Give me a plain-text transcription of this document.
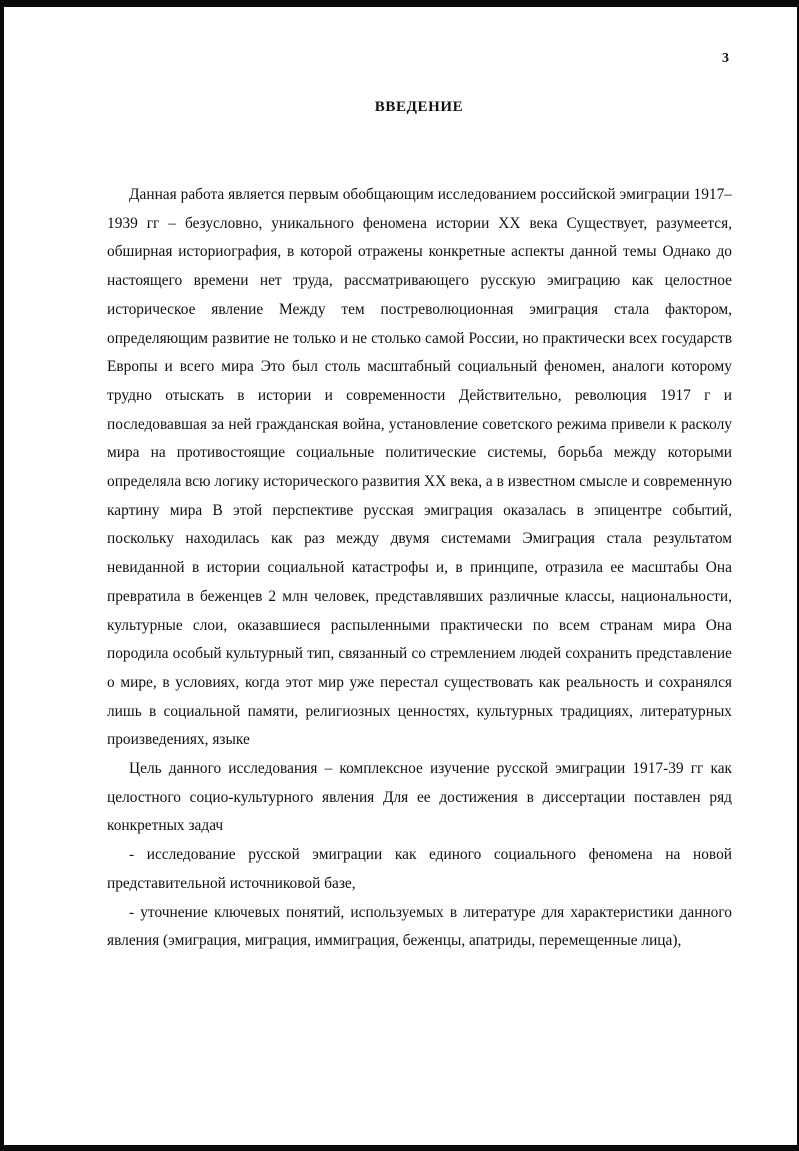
3
ВВЕДЕНИЕ

Данная работа является первым обобщающим исследованием российской эмиграции 1917–1939 гг – безусловно, уникального феномена истории XX века Существует, разумеется, обширная историография, в которой отражены конкретные аспекты данной темы Однако до настоящего времени нет труда, рассматривающего русскую эмиграцию как целостное историческое явление Между тем постреволюционная эмиграция стала фактором, определяющим развитие не только и не столько самой России, но практически всех государств Европы и всего мира Это был столь масштабный социальный феномен, аналоги которому трудно отыскать в истории и современности Действительно, революция 1917 г и последовавшая за ней гражданская война, установление советского режима привели к расколу мира на противостоящие социальные политические системы, борьба между которыми определяла всю логику исторического развития XX века, а в известном смысле и современную картину мира В этой перспективе русская эмиграция оказалась в эпицентре событий, поскольку находилась как раз между двумя системами Эмиграция стала результатом невиданной в истории социальной катастрофы и, в принципе, отразила ее масштабы Она превратила в беженцев 2 млн человек, представлявших различные классы, национальности, культурные слои, оказавшиеся распыленными практически по всем странам мира Она породила особый культурный тип, связанный со стремлением людей сохранить представление о мире, в условиях, когда этот мир уже перестал существовать как реальность и сохранялся лишь в социальной памяти, религиозных ценностях, культурных традициях, литературных произведениях, языке

Цель данного исследования – комплексное изучение русской эмиграции 1917-39 гг как целостного социо-культурного явления Для ее достижения в диссертации поставлен ряд конкретных задач

- исследование русской эмиграции как единого социального феномена на новой представительной источниковой базе,

- уточнение ключевых понятий, используемых в литературе для характеристики данного явления (эмиграция, миграция, иммиграция, беженцы, апатриды, перемещенные лица),
